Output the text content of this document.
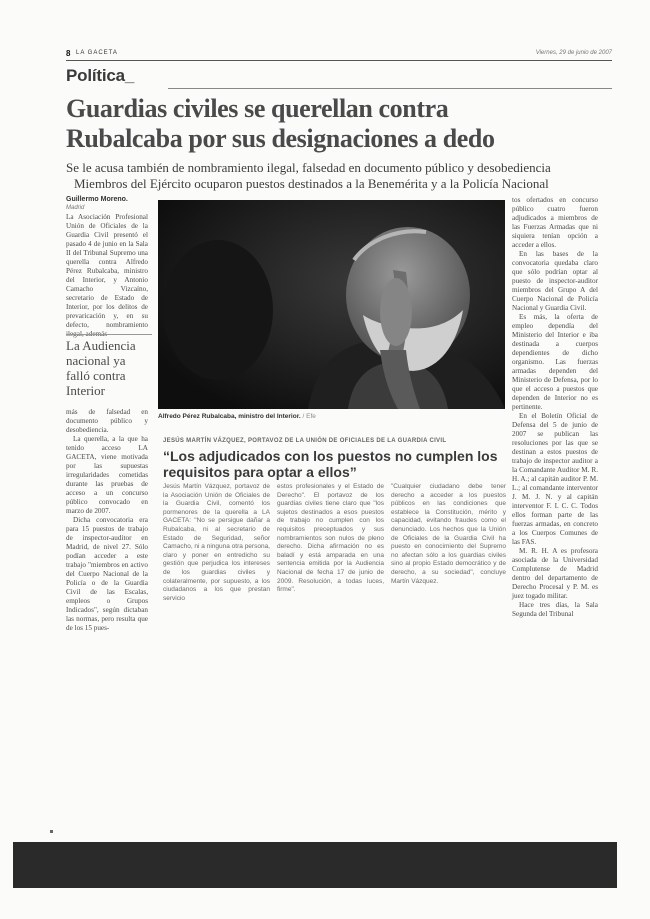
8 LA GACETA	Viernes, 29 de junio de 2007
Política_
Guardias civiles se querellan contra
Rubalcaba por sus designaciones a dedo
Se le acusa también de nombramiento ilegal, falsedad en documento público y desobediencia
Miembros del Ejército ocuparon puestos destinados a la Benemérita y a la Policía Nacional
Guillermo Moreno.
Madrid

La Asociación Profesional Unión de Oficiales de la Guardia Civil presentó el pasado 4 de junio en la Sala II del Tribunal Supremo una querella contra Alfredo Pérez Rubalcaba, ministro del Interior, y Antonio Camacho Vizcaíno, secretario de Estado de Interior, por los delitos de prevaricación y, en su defecto, nombramiento ilegal, además

La Audiencia nacional ya falló contra Interior

más de falsedad en documento público y desobediencia.

La querella, a la que ha tenido acceso LA GACETA, viene motivada por las supuestas irregularidades cometidas durante las pruebas de acceso a un concurso público convocado en marzo de 2007.

Dicha convocatoria era para 15 puestos de trabajo de inspector-auditor en Madrid, de nivel 27. Sólo podían acceder a este trabajo "miembros en activo del Cuerpo Nacional de la Policía o de la Guardia Civil de las Escalas, empleos o Grupos Indicados", según dictaban las normas, pero resulta que de los 15 pues-

Alfredo Pérez Rubalcaba, ministro del Interior. / Efe
JESÚS MARTÍN VÁZQUEZ, PORTAVOZ DE LA UNIÓN DE OFICIALES DE LA GUARDIA CIVIL
“Los adjudicados con los puestos no cumplen los requisitos para optar a ellos”
Jesús Martín Vázquez, portavoz de la Asociación Unión de Oficiales de la Guardia Civil, comentó los pormenores de la querella a LA GACETA: "No se persigue dañar a Rubalcaba, ni al secretario de Estado de Seguridad, señor Camacho, ni a ninguna otra persona, claro y poner en entredicho su gestión que perjudica los intereses de los guardias civiles y colateralmente, por supuesto, a los ciudadanos a los que prestan servicio
estos profesionales y el Estado de Derecho". El portavoz de los guardias civiles tiene claro que "los sujetos destinados a esos puestos de trabajo no cumplen con los requisitos preceptuados y sus nombramientos son nulos de pleno derecho. Dicha afirmación no es baladí y está amparada en una sentencia emitida por la Audiencia Nacional de fecha 17 de junio de 2009. Resolución, a todas luces, firme".
"Cualquier ciudadano debe tener derecho a acceder a los puestos públicos en las condiciones que establece la Constitución, mérito y capacidad, evitando fraudes como el denunciado. Los hechos que la Unión de Oficiales de la Guardia Civil ha puesto en conocimiento del Supremo no afectan sólo a los guardias civiles sino al propio Estado democrático y de derecho, a su sociedad", concluye Martín Vázquez.

tos ofertados en concurso público cuatro fueron adjudicados a miembros de las Fuerzas Armadas que ni siquiera tenían opción a acceder a ellos.

En las bases de la convocatoria quedaba claro que sólo podrían optar al puesto de inspector-auditor miembros del Grupo A del Cuerpo Nacional de Policía Nacional y Guardia Civil.

Es más, la oferta de empleo dependía del Ministerio del Interior e iba destinada a cuerpos dependientes de dicho organismo. Las fuerzas armadas dependen del Ministerio de Defensa, por lo que el acceso a puestos que dependen de Interior no es pertinente.

En el Boletín Oficial de Defensa del 5 de junio de 2007 se publican las resoluciones por las que se destinan a estos puestos de trabajo de inspector auditor a la Comandante Auditor M. R. H. A.; al capitán auditor P. M. L.; al comandante interventor J. M. J. N. y al capitán interventor F. I. C. C. Todos ellos forman parte de las fuerzas armadas, en concreto a los Cuerpos Comunes de las FAS.

M. R. H. A es profesora asociada de la Universidad Complutense de Madrid dentro del departamento de Derecho Procesal y P. M. es juez togado militar.

Hace tres días, la Sala Segunda del Tribunal
